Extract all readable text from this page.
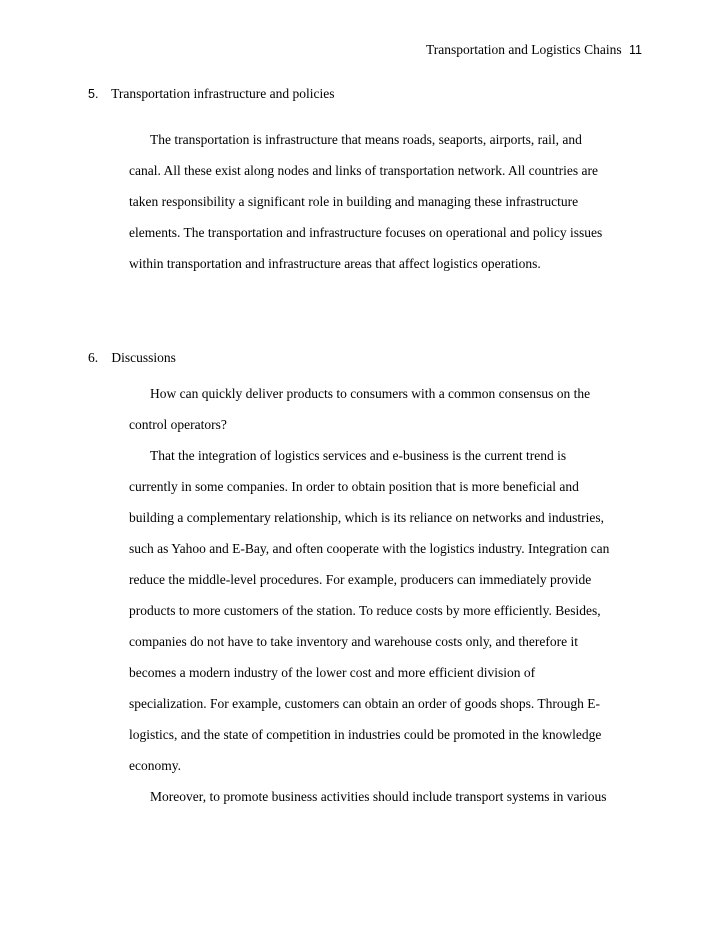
Transportation and Logistics Chains 11
5. Transportation infrastructure and policies
The transportation is infrastructure that means roads, seaports, airports, rail, and
canal. All these exist along nodes and links of transportation network. All countries are
taken responsibility a significant role in building and managing these infrastructure
elements. The transportation and infrastructure focuses on operational and policy issues
within transportation and infrastructure areas that affect logistics operations.
6. Discussions
How can quickly deliver products to consumers with a common consensus on the
control operators?
That the integration of logistics services and e-business is the current trend is
currently in some companies. In order to obtain position that is more beneficial and
building a complementary relationship, which is its reliance on networks and industries,
such as Yahoo and E-Bay, and often cooperate with the logistics industry. Integration can
reduce the middle-level procedures. For example, producers can immediately provide
products to more customers of the station. To reduce costs by more efficiently. Besides,
companies do not have to take inventory and warehouse costs only, and therefore it
becomes a modern industry of the lower cost and more efficient division of
specialization. For example, customers can obtain an order of goods shops. Through E-
logistics, and the state of competition in industries could be promoted in the knowledge
economy.
Moreover, to promote business activities should include transport systems in various
